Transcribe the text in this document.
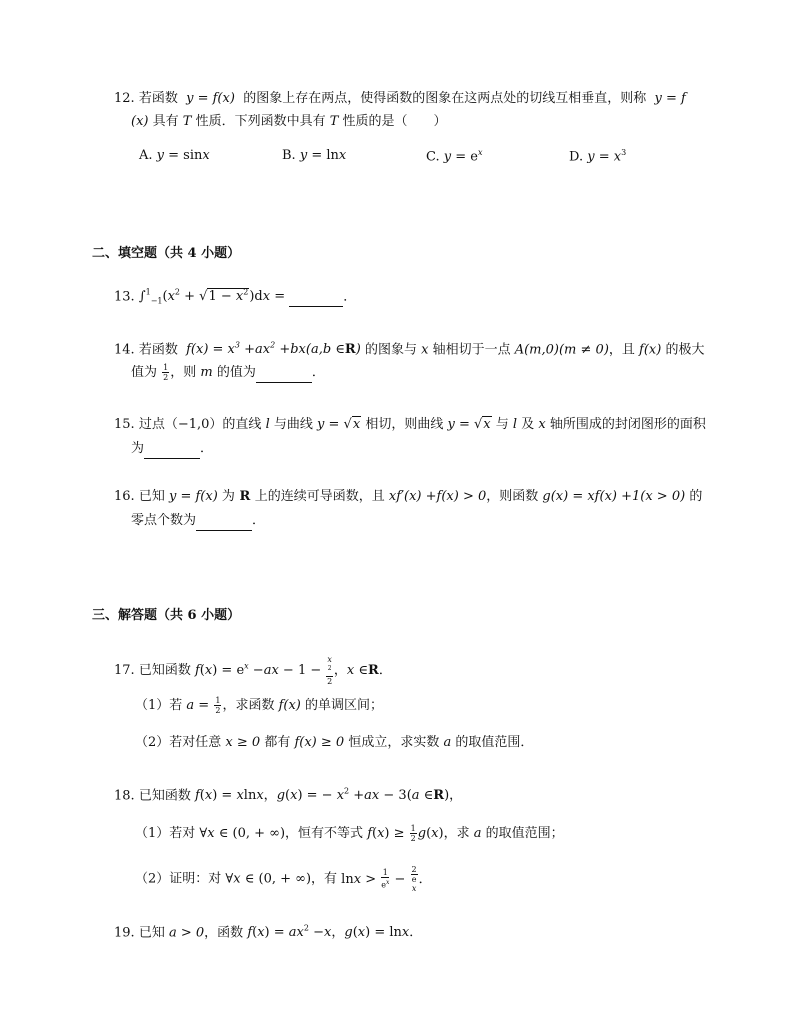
12. 若函数  y = f(x)  的图象上存在两点，使得函数的图象在这两点处的切线互相垂直，则称  y = f
(x) 具有 T 性质．下列函数中具有 T 性质的是（　　）
A. y = sinx	B. y = lnx	C. $y = e^x$	D. $y = x^3$
二、填空题（共 4 小题）
13. $\int^1_{-1}(x^2 + √1 - x^2)dx$ =	．
14. 若函数  $f(x) = x^3 +ax^2 +bx(a,b$ ∈R) 的图象与 x 轴相切于一点 A(m,0)(m ≠ 0)，且 f(x) 的极大
值为 $\frac{1}{2}$ ，则 m 的值为	．
15. 过点（−1,0）的直线 l 与曲线 y = √x 相切，则曲线 y = √x 与 l 及 x 轴所围成的封闭图形的面积
为	．
16. 已知 y = f(x) 为 R 上的连续可导函数，且 xf′(x) +f(x) > 0，则函数 g(x) = xf(x) +1(x > 0) 的
零点个数为	．
三、解答题（共 6 小题）
17. 已知函数 $f(x) = e^x -ax - 1 - x$
$^2$
2 ，x ∈R．
（1）若 $a = \frac{1}{2}$ ，求函数 f(x) 的单调区间；
（2）若对任意 x ≥ 0 都有 f(x) ≥ 0 恒成立，求实数 a 的取值范围．
18. 已知函数 f(x) = xlnx，g(x) = − $x^2 +ax - 3(a$ ∈R)，
（1）若对 ∀x ∈ (0, + ∞)，恒有不等式 $f(x) \ge \frac{1}{2} g(x)$，求 a 的取值范围；
（2）证明：对 ∀x ∈ (0, + ∞)，有 $\ln x > \frac{1}{e^x} - 2$
e
x ．
19. 已知 a > 0，函数 $f(x) = ax^2 -x$，g(x) = lnx．
